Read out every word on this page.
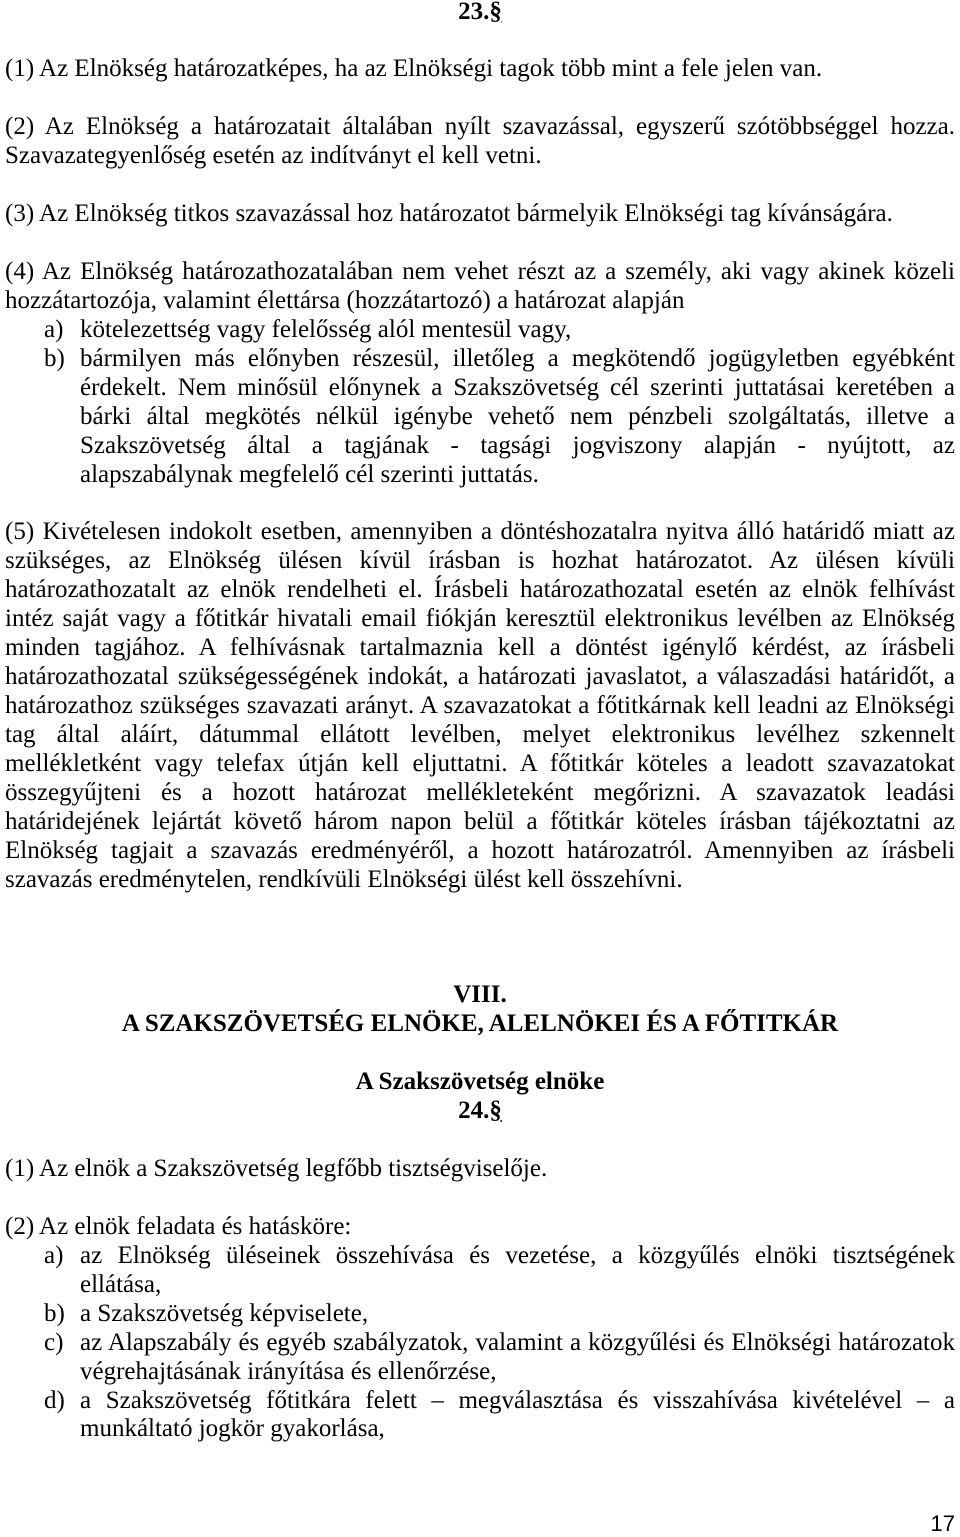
23.§
(1) Az Elnökség határozatképes, ha az Elnökségi tagok több mint a fele jelen van.
(2) Az Elnökség a határozatait általában nyílt szavazással, egyszerű szótöbbséggel hozza.
Szavazategyenlőség esetén az indítványt el kell vetni.
(3) Az Elnökség titkos szavazással hoz határozatot bármelyik Elnökségi tag kívánságára.
(4) Az Elnökség határozathozatalában nem vehet részt az a személy, aki vagy akinek közeli
hozzátartozója, valamint élettársa (hozzátartozó) a határozat alapján
a) kötelezettség vagy felelősség alól mentesül vagy,
b) bármilyen más előnyben részesül, illetőleg a megkötendő jogügyletben egyébként
érdekelt. Nem minősül előnynek a Szakszövetség cél szerinti juttatásai keretében a
bárki által megkötés nélkül igénybe vehető nem pénzbeli szolgáltatás, illetve a
Szakszövetség által a tagjának - tagsági jogviszony alapján - nyújtott, az
alapszabálynak megfelelő cél szerinti juttatás.
(5) Kivételesen indokolt esetben, amennyiben a döntéshozatalra nyitva álló határidő miatt az
szükséges, az Elnökség ülésen kívül írásban is hozhat határozatot. Az ülésen kívüli
határozathozatalt az elnök rendelheti el. Írásbeli határozathozatal esetén az elnök felhívást
intéz saját vagy a főtitkár hivatali email fiókján keresztül elektronikus levélben az Elnökség
minden tagjához. A felhívásnak tartalmaznia kell a döntést igénylő kérdést, az írásbeli
határozathozatal szükségességének indokát, a határozati javaslatot, a válaszadási határidőt, a
határozathoz szükséges szavazati arányt. A szavazatokat a főtitkárnak kell leadni az Elnökségi
tag által aláírt, dátummal ellátott levélben, melyet elektronikus levélhez szkennelt
mellékletként vagy telefax útján kell eljuttatni. A főtitkár köteles a leadott szavazatokat
összegyűjteni és a hozott határozat mellékleteként megőrizni. A szavazatok leadási
határidejének lejártát követő három napon belül a főtitkár köteles írásban tájékoztatni az
Elnökség tagjait a szavazás eredményéről, a hozott határozatról. Amennyiben az írásbeli
szavazás eredménytelen, rendkívüli Elnökségi ülést kell összehívni.
VIII.
A SZAKSZÖVETSÉG ELNÖKE, ALELNÖKEI ÉS A FŐTITKÁR
A Szakszövetség elnöke
24.§
(1) Az elnök a Szakszövetség legfőbb tisztségviselője.
(2) Az elnök feladata és hatásköre:
a) az Elnökség üléseinek összehívása és vezetése, a közgyűlés elnöki tisztségének
ellátása,
b) a Szakszövetség képviselete,
c) az Alapszabály és egyéb szabályzatok, valamint a közgyűlési és Elnökségi határozatok
végrehajtásának irányítása és ellenőrzése,
d) a Szakszövetség főtitkára felett – megválasztása és visszahívása kivételével – a
munkáltató jogkör gyakorlása,
17
